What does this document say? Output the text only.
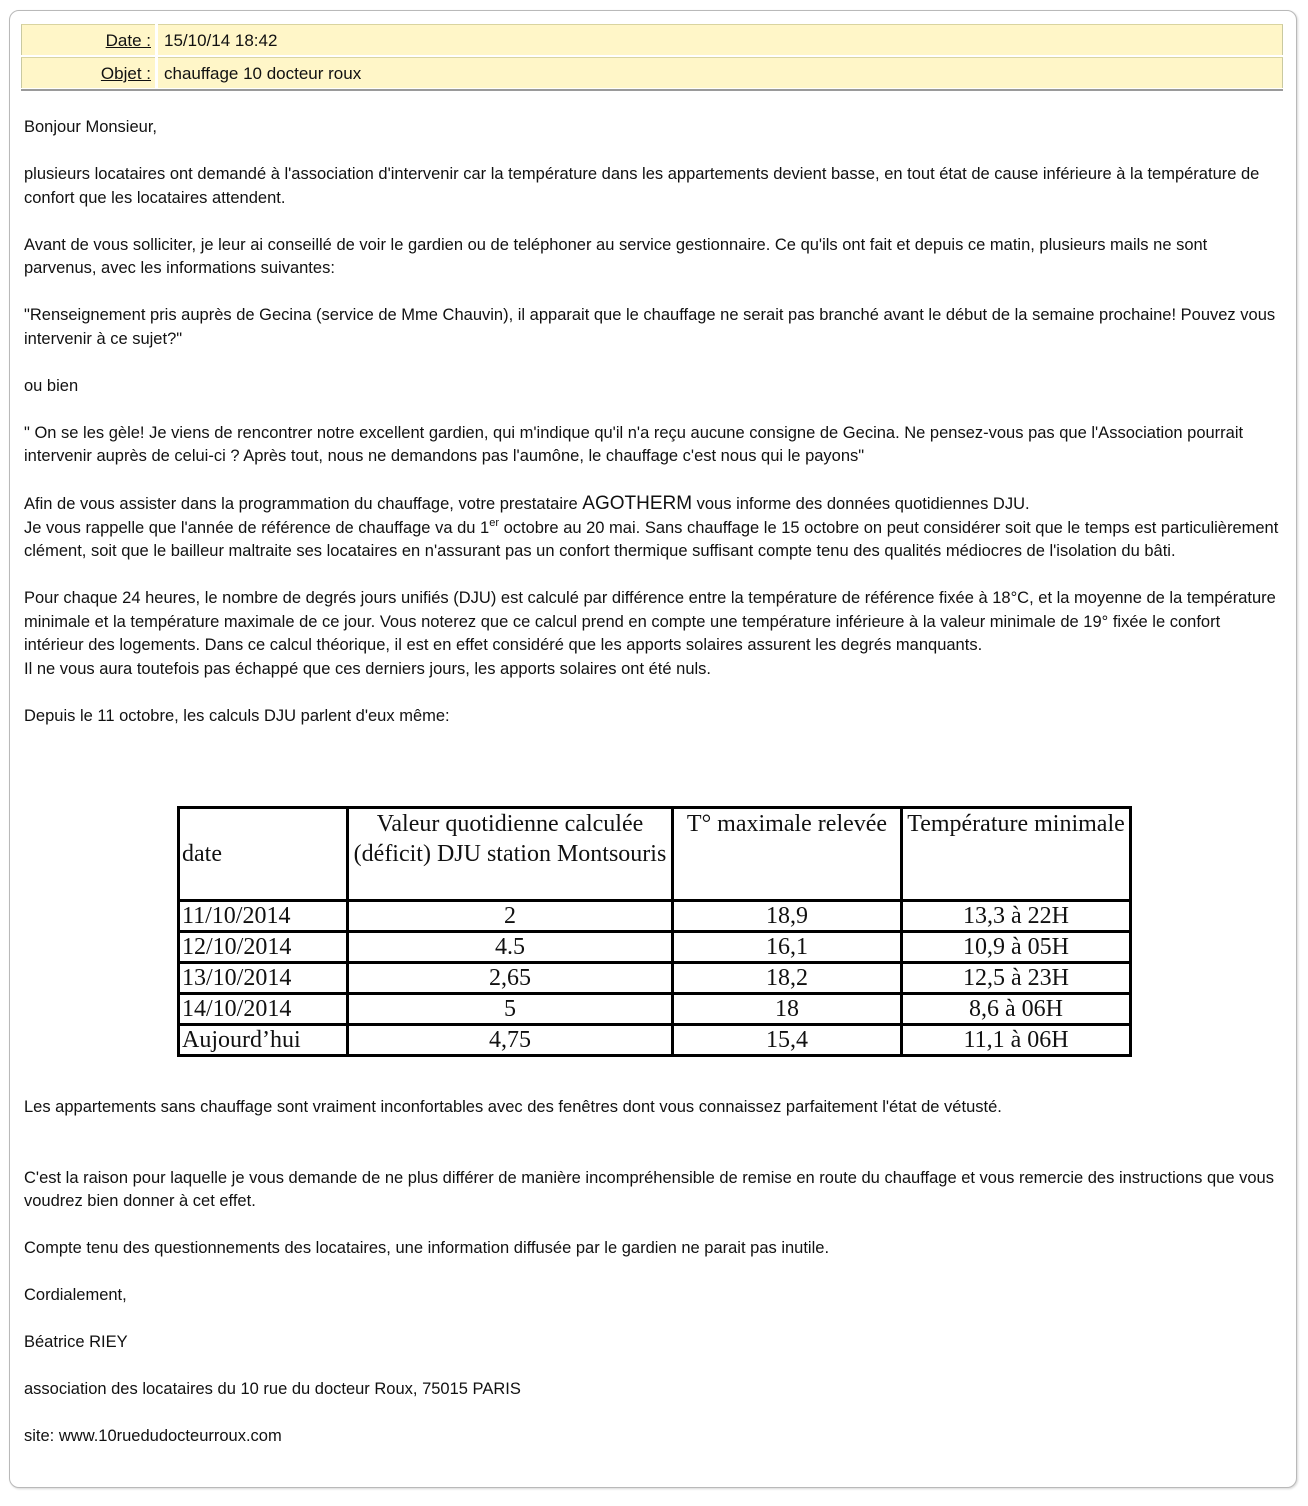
Date : 15/10/14 18:42
Objet : chauffage 10 docteur roux

Bonjour Monsieur,

plusieurs locataires ont demandé à l'association d'intervenir car la température dans les appartements devient basse, en tout état de cause inférieure à la température de confort que les locataires attendent.

Avant de vous solliciter, je leur ai conseillé de voir le gardien ou de teléphoner au service gestionnaire. Ce qu'ils ont fait et depuis ce matin, plusieurs mails ne sont parvenus, avec les informations suivantes:

"Renseignement pris auprès de Gecina (service de Mme Chauvin), il apparait que le chauffage ne serait pas branché avant le début de la semaine prochaine! Pouvez vous intervenir à ce sujet?"

ou bien

" On se les gèle! Je viens de rencontrer notre excellent gardien, qui m'indique qu'il n'a reçu aucune consigne de Gecina. Ne pensez-vous pas que l'Association pourrait intervenir auprès de celui-ci ? Après tout, nous ne demandons pas l'aumône, le chauffage c'est nous qui le payons"

Afin de vous assister dans la programmation du chauffage, votre prestataire AGOTHERM vous informe des données quotidiennes DJU.

Je vous rappelle que l'année de référence de chauffage va du 1er octobre au 20 mai. Sans chauffage le 15 octobre on peut considérer soit que le temps est particulièrement clément, soit que le bailleur maltraite ses locataires en n'assurant pas un confort thermique suffisant compte tenu des qualités médiocres de l'isolation du bâti.

Pour chaque 24 heures, le nombre de degrés jours unifiés (DJU) est calculé par différence entre la température de référence fixée à 18°C, et la moyenne de la température minimale et la température maximale de ce jour. Vous noterez que ce calcul prend en compte une température inférieure à la valeur minimale de 19° fixée le confort intérieur des logements. Dans ce calcul théorique, il est en effet considéré que les apports solaires assurent les degrés manquants.

Il ne vous aura toutefois pas échappé que ces derniers jours, les apports solaires ont été nuls.

Depuis le 11 octobre, les calculs DJU parlent d'eux même:

date	Valeur quotidienne calculée (déficit) DJU station Montsouris	T° maximale relevée	Température minimale
11/10/2014	2	18,9	13,3 à 22H
12/10/2014	4.5	16,1	10,9 à 05H
13/10/2014	2,65	18,2	12,5 à 23H
14/10/2014	5	18	8,6 à 06H
Aujourd’hui	4,75	15,4	11,1 à 06H

Les appartements sans chauffage sont vraiment inconfortables avec des fenêtres dont vous connaissez parfaitement l'état de vétusté.

C'est la raison pour laquelle je vous demande de ne plus différer de manière incompréhensible de remise en route du chauffage et vous remercie des instructions que vous voudrez bien donner à cet effet.

Compte tenu des questionnements des locataires, une information diffusée par le gardien ne parait pas inutile.

Cordialement,

Béatrice RIEY

association des locataires du 10 rue du docteur Roux, 75015 PARIS

site: www.10ruedudocteurroux.com
